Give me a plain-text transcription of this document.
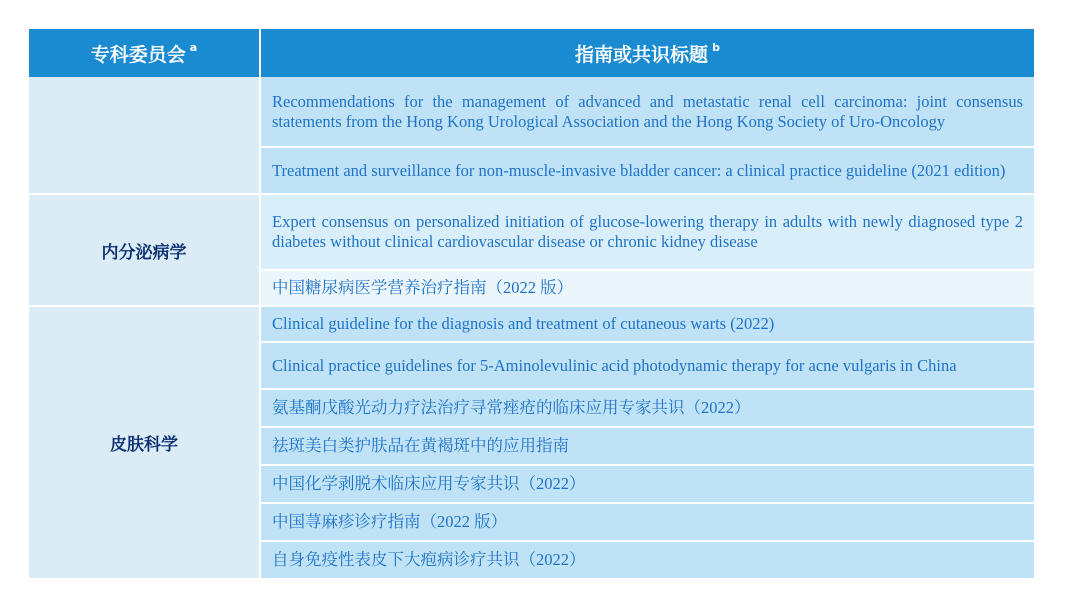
专科委员会 $^a$	指南或共识标题 $^b$
	Recommendations for the management of advanced and metastatic renal cell carcinoma: joint consensus statements from the Hong Kong Urological Association and the Hong Kong Society of Uro-Oncology
	Treatment and surveillance for non-muscle-invasive bladder cancer: a clinical practice guideline (2021 edition)
内分泌病学	Expert consensus on personalized initiation of glucose-lowering therapy in adults with newly diagnosed type 2 diabetes without clinical cardiovascular disease or chronic kidney disease
	中国糖尿病医学营养治疗指南（2022 版）
皮肤科学	Clinical guideline for the diagnosis and treatment of cutaneous warts (2022)
	Clinical practice guidelines for 5-Aminolevulinic acid photodynamic therapy for acne vulgaris in China
	氨基酮戊酸光动力疗法治疗寻常痤疮的临床应用专家共识（2022）
	祛斑美白类护肤品在黄褐斑中的应用指南
	中国化学剥脱术临床应用专家共识（2022）
	中国荨麻疹诊疗指南（2022 版）
	自身免疫性表皮下大疱病诊疗共识（2022）
